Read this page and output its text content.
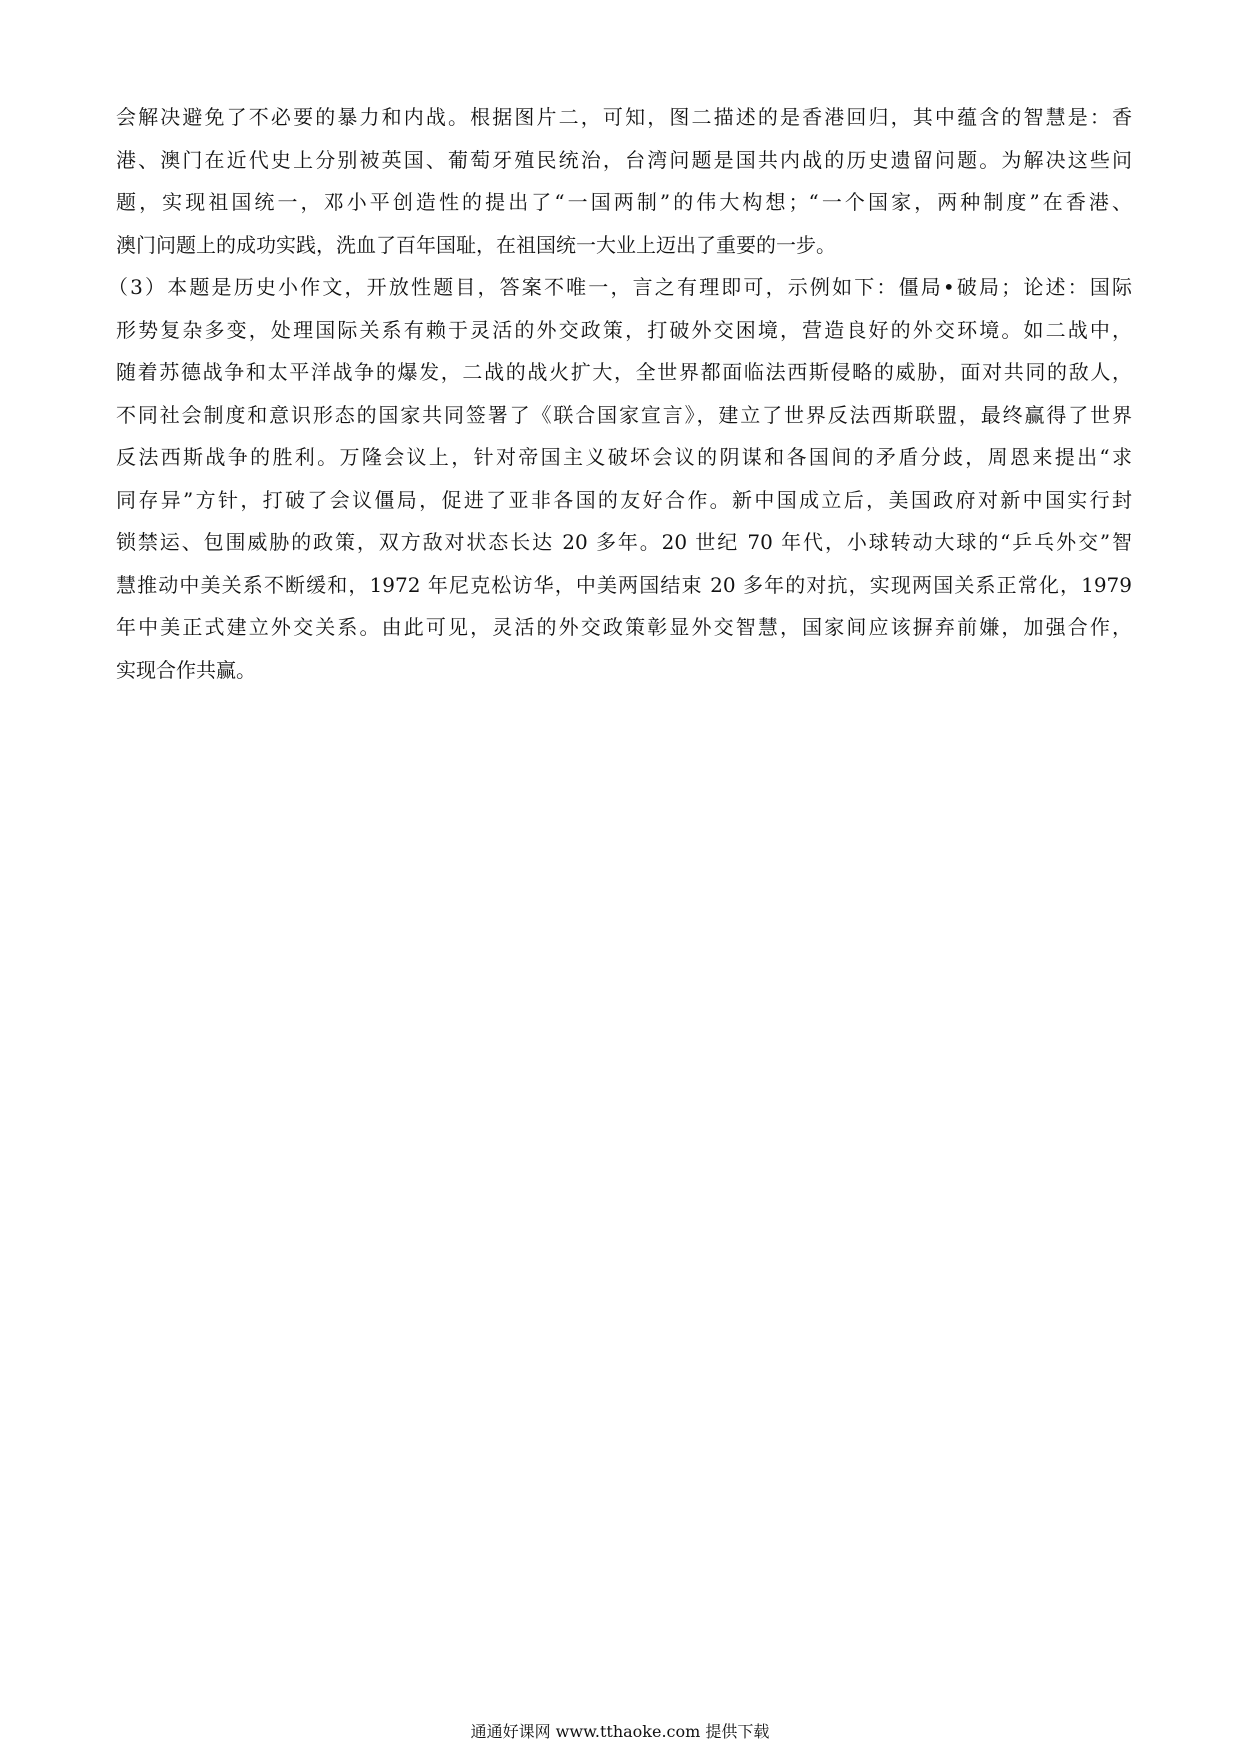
会解决避免了不必要的暴力和内战。根据图片二，可知，图二描述的是香港回归，其中蕴含的智慧是：香
港、澳门在近代史上分别被英国、葡萄牙殖民统治，台湾问题是国共内战的历史遗留问题。为解决这些问
题，实现祖国统一，邓小平创造性的提出了“一国两制”的伟大构想；“一个国家，两种制度”在香港、
澳门问题上的成功实践，洗血了百年国耻，在祖国统一大业上迈出了重要的一步。
（3）本题是历史小作文，开放性题目，答案不唯一，言之有理即可，示例如下：僵局•破局；论述：国际
形势复杂多变，处理国际关系有赖于灵活的外交政策，打破外交困境，营造良好的外交环境。如二战中，
随着苏德战争和太平洋战争的爆发，二战的战火扩大，全世界都面临法西斯侵略的威胁，面对共同的敌人，
不同社会制度和意识形态的国家共同签署了《联合国家宣言》，建立了世界反法西斯联盟，最终赢得了世界
反法西斯战争的胜利。万隆会议上，针对帝国主义破坏会议的阴谋和各国间的矛盾分歧，周恩来提出“求
同存异”方针，打破了会议僵局，促进了亚非各国的友好合作。新中国成立后，美国政府对新中国实行封
锁禁运、包围威胁的政策，双方敌对状态长达 20 多年。20 世纪 70 年代，小球转动大球的“乒乓外交”智
慧推动中美关系不断缓和，1972 年尼克松访华，中美两国结束 20 多年的对抗，实现两国关系正常化，1979
年中美正式建立外交关系。由此可见，灵活的外交政策彰显外交智慧，国家间应该摒弃前嫌，加强合作，
实现合作共赢。
通通好课网 www.tthaoke.com 提供下载
